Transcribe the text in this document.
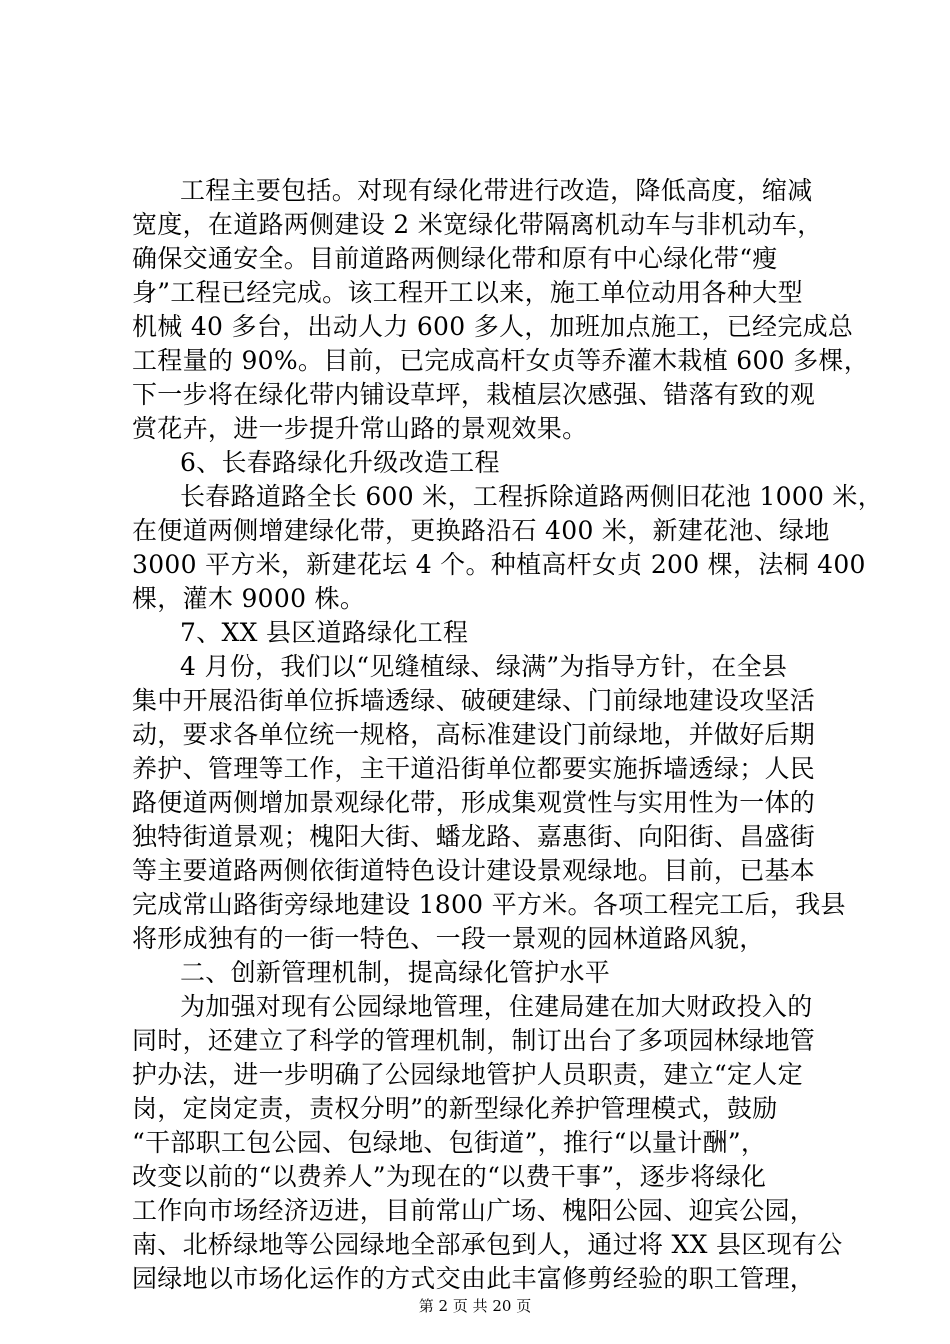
工程主要包括。对现有绿化带进行改造，降低高度，缩减
宽度，在道路两侧建设 2 米宽绿化带隔离机动车与非机动车，
确保交通安全。目前道路两侧绿化带和原有中心绿化带“瘦
身”工程已经完成。该工程开工以来，施工单位动用各种大型
机械 40 多台，出动人力 600 多人，加班加点施工，已经完成总
工程量的 90%。目前，已完成高杆女贞等乔灌木栽植 600 多棵，
下一步将在绿化带内铺设草坪，栽植层次感强、错落有致的观
赏花卉，进一步提升常山路的景观效果。
6、长春路绿化升级改造工程
长春路道路全长 600 米，工程拆除道路两侧旧花池 1000 米，
在便道两侧增建绿化带，更换路沿石 400 米，新建花池、绿地
3000 平方米，新建花坛 4 个。种植高杆女贞 200 棵，法桐 400
棵，灌木 9000 株。
7、XX 县区道路绿化工程
4 月份，我们以“见缝植绿、绿满”为指导方针，在全县
集中开展沿街单位拆墙透绿、破硬建绿、门前绿地建设攻坚活
动，要求各单位统一规格，高标准建设门前绿地，并做好后期
养护、管理等工作，主干道沿街单位都要实施拆墙透绿；人民
路便道两侧增加景观绿化带，形成集观赏性与实用性为一体的
独特街道景观；槐阳大街、蟠龙路、嘉惠街、向阳街、昌盛街
等主要道路两侧依街道特色设计建设景观绿地。目前，已基本
完成常山路街旁绿地建设 1800 平方米。各项工程完工后，我县
将形成独有的一街一特色、一段一景观的园林道路风貌，
二、创新管理机制，提高绿化管护水平
为加强对现有公园绿地管理，住建局建在加大财政投入的
同时，还建立了科学的管理机制，制订出台了多项园林绿地管
护办法，进一步明确了公园绿地管护人员职责，建立“定人定
岗，定岗定责，责权分明”的新型绿化养护管理模式，鼓励
“干部职工包公园、包绿地、包街道”，推行“以量计酬”，
改变以前的“以费养人”为现在的“以费干事”，逐步将绿化
工作向市场经济迈进，目前常山广场、槐阳公园、迎宾公园，
南、北桥绿地等公园绿地全部承包到人，通过将 XX 县区现有公
园绿地以市场化运作的方式交由此丰富修剪经验的职工管理，
第 2 页 共 20 页
